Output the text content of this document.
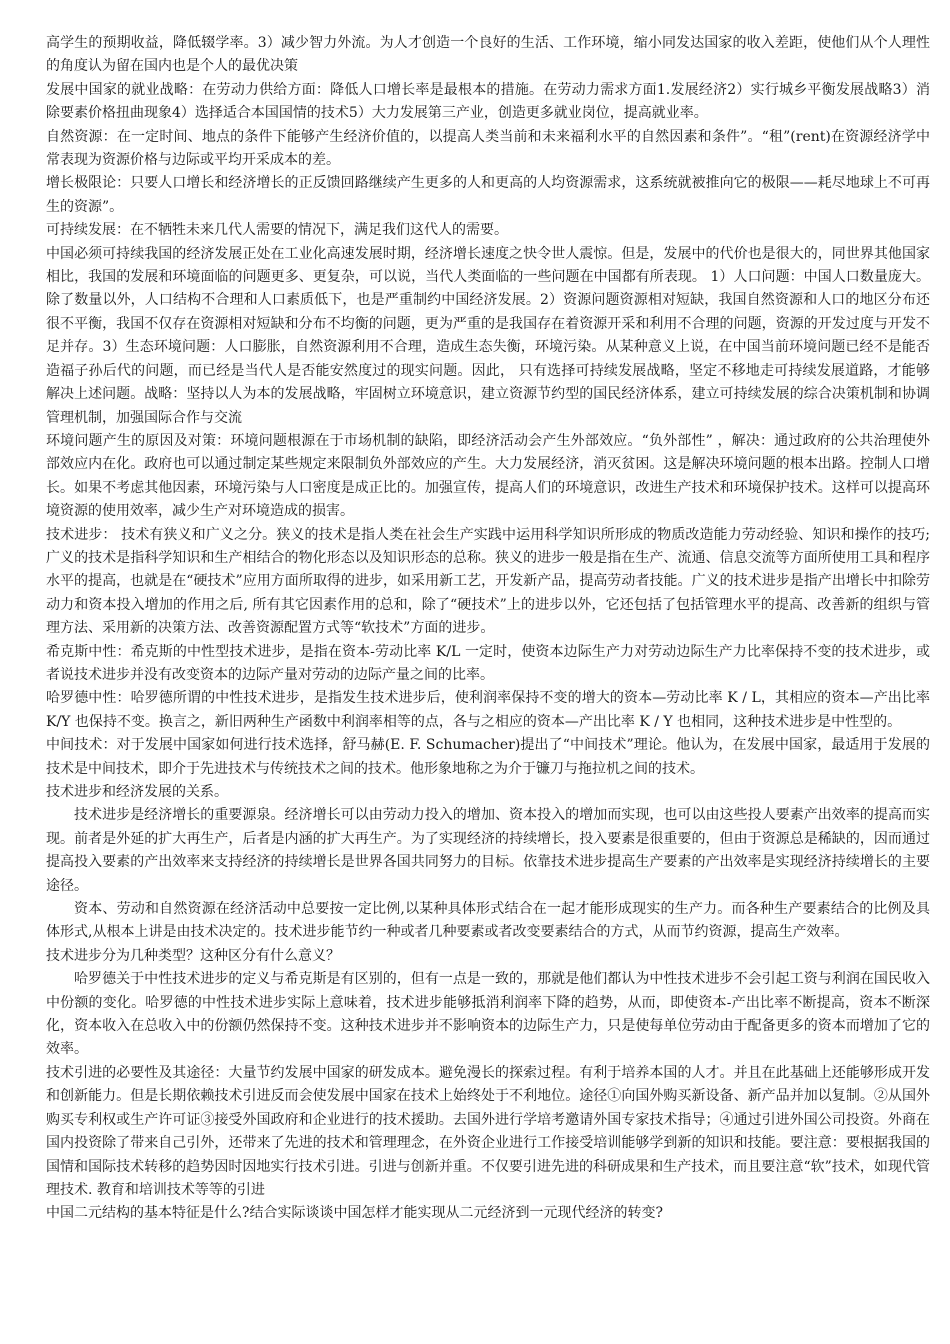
高学生的预期收益，降低辍学率。3）减少智力外流。为人才创造一个良好的生活、工作环境，缩小同发达国家的收入差距，使他们从个人理性的角度认为留在国内也是个人的最优决策

发展中国家的就业战略：在劳动力供给方面：降低人口增长率是最根本的措施。在劳动力需求方面1.发展经济2）实行城乡平衡发展战略3）消除要素价格扭曲现象4）选择适合本国国情的技术5）大力发展第三产业，创造更多就业岗位，提高就业率。

自然资源：在一定时间、地点的条件下能够产生经济价值的，以提高人类当前和未来福利水平的自然因素和条件”。“租”(rent)在资源经济学中常表现为资源价格与边际或平均开采成本的差。

增长极限论：只要人口增长和经济增长的正反馈回路继续产生更多的人和更高的人均资源需求，这系统就被推向它的极限——耗尽地球上不可再生的资源”。

可持续发展：在不牺牲未来几代人需要的情况下，满足我们这代人的需要。

中国必须可持续我国的经济发展正处在工业化高速发展时期，经济增长速度之快令世人震惊。但是，发展中的代价也是很大的，同世界其他国家相比，我国的发展和环境面临的问题更多、更复杂，可以说，当代人类面临的一些问题在中国都有所表现。 1）人口问题：中国人口数量庞大。除了数量以外，人口结构不合理和人口素质低下，也是严重制约中国经济发展。2）资源问题资源相对短缺，我国自然资源和人口的地区分布还很不平衡，我国不仅存在资源相对短缺和分布不均衡的问题，更为严重的是我国存在着资源开采和利用不合理的问题，资源的开发过度与开发不足并存。3）生态环境问题：人口膨胀，自然资源利用不合理，造成生态失衡，环境污染。从某种意义上说，在中国当前环境问题已经不是能否造福子孙后代的问题，而已经是当代人是否能安然度过的现实问题。因此， 只有选择可持续发展战略，坚定不移地走可持续发展道路，才能够解决上述问题。战略：坚持以人为本的发展战略，牢固树立环境意识，建立资源节约型的国民经济体系，建立可持续发展的综合决策机制和协调管理机制，加强国际合作与交流

环境问题产生的原因及对策：环境问题根源在于市场机制的缺陷，即经济活动会产生外部效应。“负外部性” ，解决：通过政府的公共治理使外部效应内在化。政府也可以通过制定某些规定来限制负外部效应的产生。大力发展经济，消灭贫困。这是解决环境问题的根本出路。控制人口增长。如果不考虑其他因素，环境污染与人口密度是成正比的。加强宣传，提高人们的环境意识，改进生产技术和环境保护技术。这样可以提高环境资源的使用效率，减少生产对环境造成的损害。

技术进步： 技术有狭义和广义之分。狭义的技术是指人类在社会生产实践中运用科学知识所形成的物质改造能力劳动经验、知识和操作的技巧; 广义的技术是指科学知识和生产相结合的物化形态以及知识形态的总称。狭义的进步一般是指在生产、流通、信息交流等方面所使用工具和程序水平的提高，也就是在“硬技术”应用方面所取得的进步，如采用新工艺，开发新产品，提高劳动者技能。广义的技术进步是指产出增长中扣除劳动力和资本投入增加的作用之后, 所有其它因素作用的总和，除了“硬技术”上的进步以外，它还包括了包括管理水平的提高、改善新的组织与管理方法、采用新的决策方法、改善资源配置方式等“软技术”方面的进步。

希克斯中性：希克斯的中性型技术进步，是指在资本-劳动比率 K/L 一定时，使资本边际生产力对劳动边际生产力比率保持不变的技术进步，或者说技术进步并没有改变资本的边际产量对劳动的边际产量之间的比率。

哈罗德中性：哈罗德所谓的中性技术进步，是指发生技术进步后，使利润率保持不变的增大的资本—劳动比率 K / L，其相应的资本—产出比率 K/Y 也保持不变。换言之，新旧两种生产函数中利润率相等的点，各与之相应的资本—产出比率 K / Y 也相同，这种技术进步是中性型的。

中间技术：对于发展中国家如何进行技术选择，舒马赫(E. F. Schumacher)提出了“中间技术”理论。他认为，在发展中国家，最适用于发展的技术是中间技术，即介于先进技术与传统技术之间的技术。他形象地称之为介于镰刀与拖拉机之间的技术。

技术进步和经济发展的关系。

技术进步是经济增长的重要源泉。经济增长可以由劳动力投入的增加、资本投入的增加而实现，也可以由这些投人要素产出效率的提高而实现。前者是外延的扩大再生产，后者是内涵的扩大再生产。为了实现经济的持续增长，投入要素是很重要的，但由于资源总是稀缺的，因而通过提高投入要素的产出效率来支持经济的持续增长是世界各国共同努力的目标。依靠技术进步提高生产要素的产出效率是实现经济持续增长的主要途径。

资本、劳动和自然资源在经济活动中总要按一定比例,以某种具体形式结合在一起才能形成现实的生产力。而各种生产要素结合的比例及具体形式,从根本上讲是由技术决定的。技术进步能节约一种或者几种要素或者改变要素结合的方式，从而节约资源，提高生产效率。

技术进步分为几种类型？这种区分有什么意义？

哈罗德关于中性技术进步的定义与希克斯是有区别的，但有一点是一致的，那就是他们都认为中性技术进步不会引起工资与利润在国民收入中份额的变化。哈罗德的中性技术进步实际上意味着，技术进步能够抵消利润率下降的趋势，从而，即使资本-产出比率不断提高，资本不断深化，资本收入在总收入中的份额仍然保持不变。这种技术进步并不影响资本的边际生产力，只是使每单位劳动由于配备更多的资本而增加了它的效率。

技术引进的必要性及其途径：大量节约发展中国家的研发成本。避免漫长的探索过程。有利于培养本国的人才。并且在此基础上还能够形成开发和创新能力。但是长期依赖技术引进反而会使发展中国家在技术上始终处于不利地位。途径①向国外购买新设备、新产品并加以复制。②从国外购买专利权或生产许可证③接受外国政府和企业进行的技术援助。去国外进行学培考邀请外国专家技术指导；④通过引进外国公司投资。外商在国内投资除了带来自己引外，还带来了先进的技术和管理理念，在外资企业进行工作接受培训能够学到新的知识和技能。要注意：要根据我国的国情和国际技术转移的趋势因时因地实行技术引进。引进与创新并重。不仅要引进先进的科研成果和生产技术，而且要注意“软”技术，如现代管理技术. 教育和培训技术等等的引进

中国二元结构的基本特征是什么?结合实际谈谈中国怎样才能实现从二元经济到一元现代经济的转变?
